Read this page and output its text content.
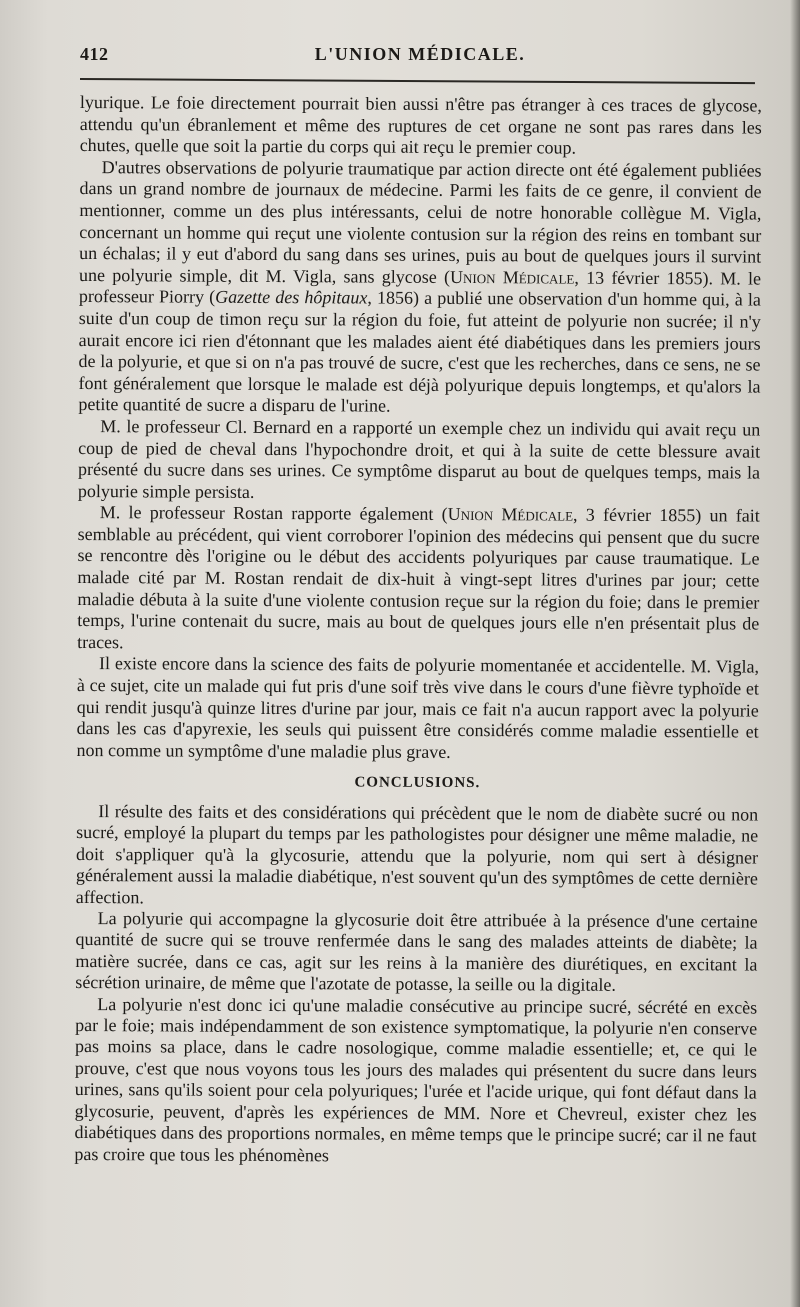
412	L'UNION MÉDICALE.

lyurique. Le foie directement pourrait bien aussi n'être pas étranger à ces traces de glycose, attendu qu'un ébranlement et même des ruptures de cet organe ne sont pas rares dans les chutes, quelle que soit la partie du corps qui ait reçu le premier coup.

D'autres observations de polyurie traumatique par action directe ont été également publiées dans un grand nombre de journaux de médecine. Parmi les faits de ce genre, il convient de mentionner, comme un des plus intéressants, celui de notre honorable collègue M. Vigla, concernant un homme qui reçut une violente contusion sur la région des reins en tombant sur un échalas; il y eut d'abord du sang dans ses urines, puis au bout de quelques jours il survint une polyurie simple, dit M. Vigla, sans glycose (Union Médicale, 13 février 1855). M. le professeur Piorry (Gazette des hôpitaux, 1856) a publié une observation d'un homme qui, à la suite d'un coup de timon reçu sur la région du foie, fut atteint de polyurie non sucrée; il n'y aurait encore ici rien d'étonnant que les malades aient été diabétiques dans les premiers jours de la polyurie, et que si on n'a pas trouvé de sucre, c'est que les recherches, dans ce sens, ne se font généralement que lorsque le malade est déjà polyurique depuis longtemps, et qu'alors la petite quantité de sucre a disparu de l'urine.

M. le professeur Cl. Bernard en a rapporté un exemple chez un individu qui avait reçu un coup de pied de cheval dans l'hypochondre droit, et qui à la suite de cette blessure avait présenté du sucre dans ses urines. Ce symptôme disparut au bout de quelques temps, mais la polyurie simple persista.

M. le professeur Rostan rapporte également (Union Médicale, 3 février 1855) un fait semblable au précédent, qui vient corroborer l'opinion des médecins qui pensent que du sucre se rencontre dès l'origine ou le début des accidents polyuriques par cause traumatique. Le malade cité par M. Rostan rendait de dix-huit à vingt-sept litres d'urines par jour; cette maladie débuta à la suite d'une violente contusion reçue sur la région du foie; dans le premier temps, l'urine contenait du sucre, mais au bout de quelques jours elle n'en présentait plus de traces.

Il existe encore dans la science des faits de polyurie momentanée et accidentelle. M. Vigla, à ce sujet, cite un malade qui fut pris d'une soif très vive dans le cours d'une fièvre typhoïde et qui rendit jusqu'à quinze litres d'urine par jour, mais ce fait n'a aucun rapport avec la polyurie dans les cas d'apyrexie, les seuls qui puissent être considérés comme maladie essentielle et non comme un symptôme d'une maladie plus grave.

CONCLUSIONS.

Il résulte des faits et des considérations qui précèdent que le nom de diabète sucré ou non sucré, employé la plupart du temps par les pathologistes pour désigner une même maladie, ne doit s'appliquer qu'à la glycosurie, attendu que la polyurie, nom qui sert à désigner généralement aussi la maladie diabétique, n'est souvent qu'un des symptômes de cette dernière affection.

La polyurie qui accompagne la glycosurie doit être attribuée à la présence d'une certaine quantité de sucre qui se trouve renfermée dans le sang des malades atteints de diabète; la matière sucrée, dans ce cas, agit sur les reins à la manière des diurétiques, en excitant la sécrétion urinaire, de même que l'azotate de potasse, la seille ou la digitale.

La polyurie n'est donc ici qu'une maladie consécutive au principe sucré, sécrété en excès par le foie; mais indépendamment de son existence symptomatique, la polyurie n'en conserve pas moins sa place, dans le cadre nosologique, comme maladie essentielle; et, ce qui le prouve, c'est que nous voyons tous les jours des malades qui présentent du sucre dans leurs urines, sans qu'ils soient pour cela polyuriques; l'urée et l'acide urique, qui font défaut dans la glycosurie, peuvent, d'après les expériences de MM. Nore et Chevreul, exister chez les diabétiques dans des proportions normales, en même temps que le principe sucré; car il ne faut pas croire que tous les phénomènes
